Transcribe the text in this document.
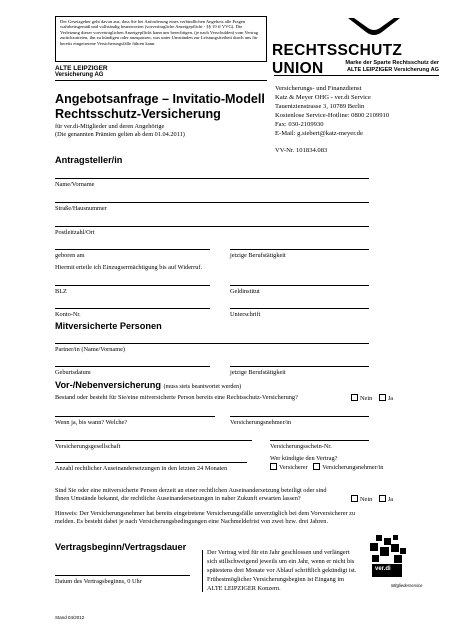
Der Gesetzgeber geht davon aus, dass Sie bei Anforderung eines verbindlichen Angebots alle Fragen wahrheitsgemäß und vollständig beantworten (vorvertragliche Anzeigepflicht - §§ 19 ff VVG). Die Verletzung dieser vorvertraglichen Anzeigepflicht kann uns berechtigen, (je nach Verschulden) vom Vertrag zurückzutreten, ihn zu kündigen oder anzupassen, was unter Umständen zur Leistungsfreiheit durch uns für bereits eingetretene Versicherungsfälle führen kann.
ALTE LEIPZIGER
Versicherung AG
RECHTSSCHUTZ UNION	Marke der Sparte Rechtsschutz der
ALTE LEIPZIGER Versicherung AG
Angebotsanfrage – Invitatio-Modell
Rechtsschutz-Versicherung
für ver.di-Mitglieder und deren Angehörige
(Die genannten Prämien gelten ab dem 01.04.2011)
Versicherungs- und Finanzdienst
Katz & Meyer OHG - ver.di Service
Tauentzienstrasse 3, 10789 Berlin
Kostenlose Service-Hotline: 0800 2109910
Fax: 030-2109930
E-Mail: g.siebert@katz-meyer.de
VV-Nr. 101834.083
Antragsteller/in
Name/Vorname
Straße/Hausnummer
Postleitzahl/Ort
geboren am	jetzige Berufstätigkeit
Hiermit erteile ich Einzugsermächtigung bis auf Widerruf.
BLZ	Geldinstitut
Konto-Nr.	Unterschrift
Mitversicherte Personen
Partner/in (Name/Vorname)
Geburtsdatum	jetzige Berufstätigkeit
Vor-/Nebenversicherung (muss stets beantwortet werden)
Bestand oder besteht für Sie/eine mitversicherte Person bereits eine Rechtsschutz-Versicherung?	Nein Ja
Wenn ja, bis wann? Welche?	Versicherungsnehmer/in
Versicherungsgesellschaft	Versicherungsschein-Nr.
Wer kündigte den Vertrag?
Anzahl rechtlicher Auseinandersetzungen in den letzten 24 Monaten	Versicherer Versicherungsnehmer/in
Sind Sie oder eine mitversicherte Person derzeit an einer rechtlichen Auseinandersetzung beteiligt oder sind
Ihnen Umstände bekannt, die rechtliche Auseinandersetzungen in naher Zukunft erwarten lassen?	Nein Ja
Hinweis: Der Versicherungsnehmer hat bereits eingetretene Versicherungsfälle unverzüglich bei dem Vorversicherer zu
melden. Es besteht dabei je nach Versicherungsbedingungen eine Nachmeldefrist von zwei bzw. drei Jahren.
Vertragsbeginn/Vertragsdauer
Datum des Vertragsbeginns, 0 Uhr
Der Vertrag wird für ein Jahr geschlossen und verlängert
sich stillschweigend jeweils um ein Jahr, wenn er nicht bis
spätestens drei Monate vor Ablauf schriftlich gekündigt ist.
Frühestmöglicher Versicherungsbeginn ist Eingang im
ALTE LEIPZIGER Konzern.
ver.di
Mitgliederservice
Stand 04/2012
